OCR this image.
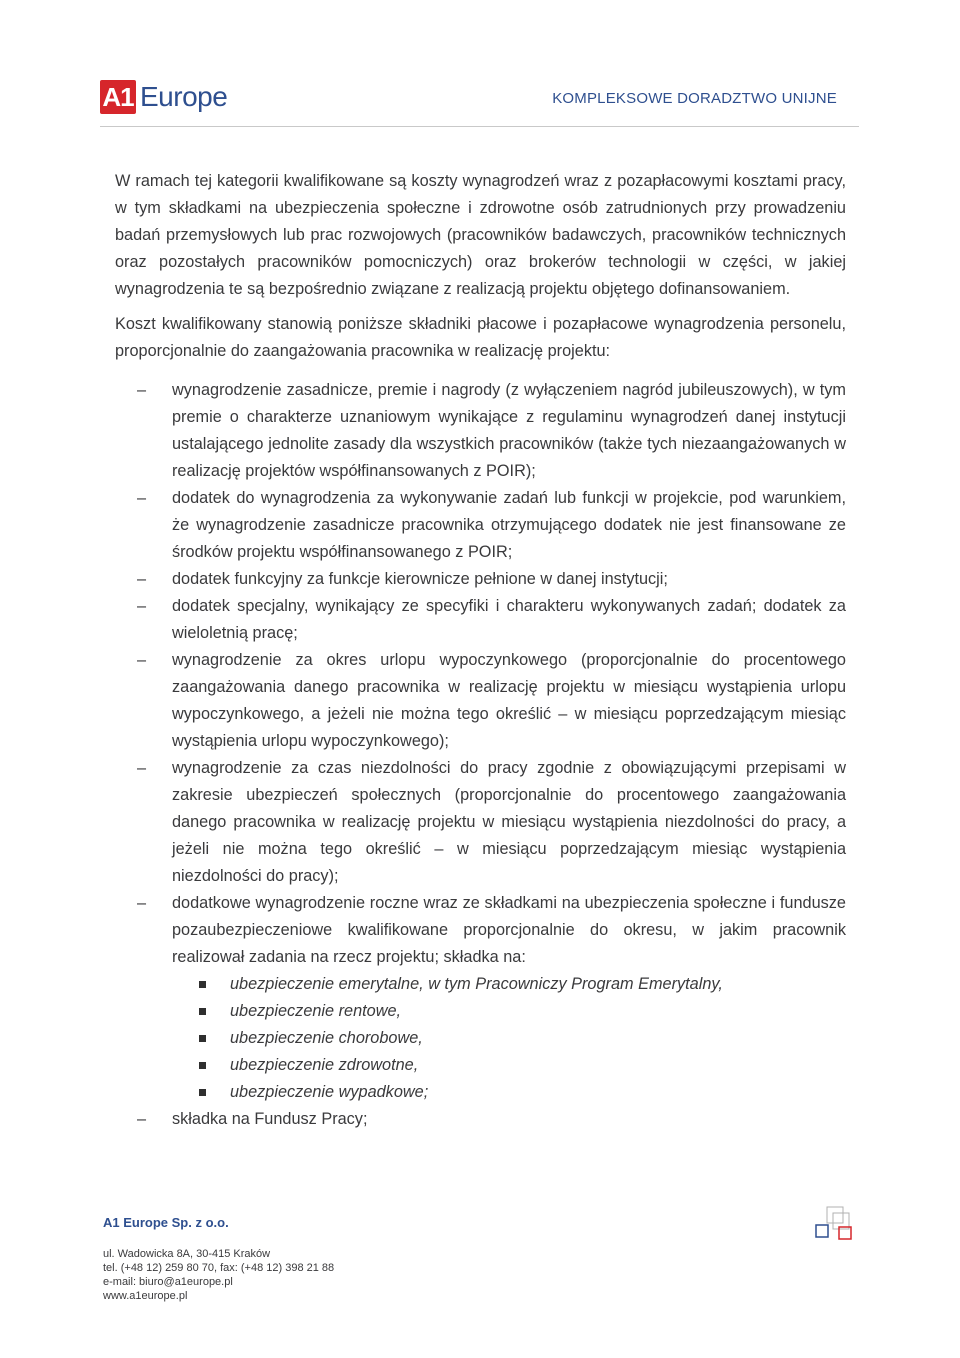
A1 Europe	KOMPLEKSOWE DORADZTWO UNIJNE

W ramach tej kategorii kwalifikowane są koszty wynagrodzeń wraz z pozapłacowymi kosztami pracy, w tym składkami na ubezpieczenia społeczne i zdrowotne osób zatrudnionych przy prowadzeniu badań przemysłowych lub prac rozwojowych (pracowników badawczych, pracowników technicznych oraz pozostałych pracowników pomocniczych) oraz brokerów technologii w części, w jakiej wynagrodzenia te są bezpośrednio związane z realizacją projektu objętego dofinansowaniem.

Koszt kwalifikowany stanowią poniższe składniki płacowe i pozapłacowe wynagrodzenia personelu, proporcjonalnie do zaangażowania pracownika w realizację projektu:

– wynagrodzenie zasadnicze, premie i nagrody (z wyłączeniem nagród jubileuszowych), w tym premie o charakterze uznaniowym wynikające z regulaminu wynagrodzeń danej instytucji ustalającego jednolite zasady dla wszystkich pracowników (także tych niezaangażowanych w realizację projektów współfinansowanych z POIR);
– dodatek do wynagrodzenia za wykonywanie zadań lub funkcji w projekcie, pod warunkiem, że wynagrodzenie zasadnicze pracownika otrzymującego dodatek nie jest finansowane ze środków projektu współfinansowanego z POIR;
– dodatek funkcyjny za funkcje kierownicze pełnione w danej instytucji;
– dodatek specjalny, wynikający ze specyfiki i charakteru wykonywanych zadań; dodatek za wieloletnią pracę;
– wynagrodzenie za okres urlopu wypoczynkowego (proporcjonalnie do procentowego zaangażowania danego pracownika w realizację projektu w miesiącu wystąpienia urlopu wypoczynkowego, a jeżeli nie można tego określić – w miesiącu poprzedzającym miesiąc wystąpienia urlopu wypoczynkowego);
– wynagrodzenie za czas niezdolności do pracy zgodnie z obowiązującymi przepisami w zakresie ubezpieczeń społecznych (proporcjonalnie do procentowego zaangażowania danego pracownika w realizację projektu w miesiącu wystąpienia niezdolności do pracy, a jeżeli nie można tego określić – w miesiącu poprzedzającym miesiąc wystąpienia niezdolności do pracy);
– dodatkowe wynagrodzenie roczne wraz ze składkami na ubezpieczenia społeczne i fundusze pozaubezpieczeniowe kwalifikowane proporcjonalnie do okresu, w jakim pracownik realizował zadania na rzecz projektu; składka na:
ubezpieczenie emerytalne, w tym Pracowniczy Program Emerytalny,
ubezpieczenie rentowe,
ubezpieczenie chorobowe,
ubezpieczenie zdrowotne,
ubezpieczenie wypadkowe;
– składka na Fundusz Pracy;
A1 Europe Sp. z o.o.
ul. Wadowicka 8A, 30-415 Kraków
tel. (+48 12) 259 80 70, fax: (+48 12) 398 21 88
e-mail: biuro@a1europe.pl
www.a1europe.pl
